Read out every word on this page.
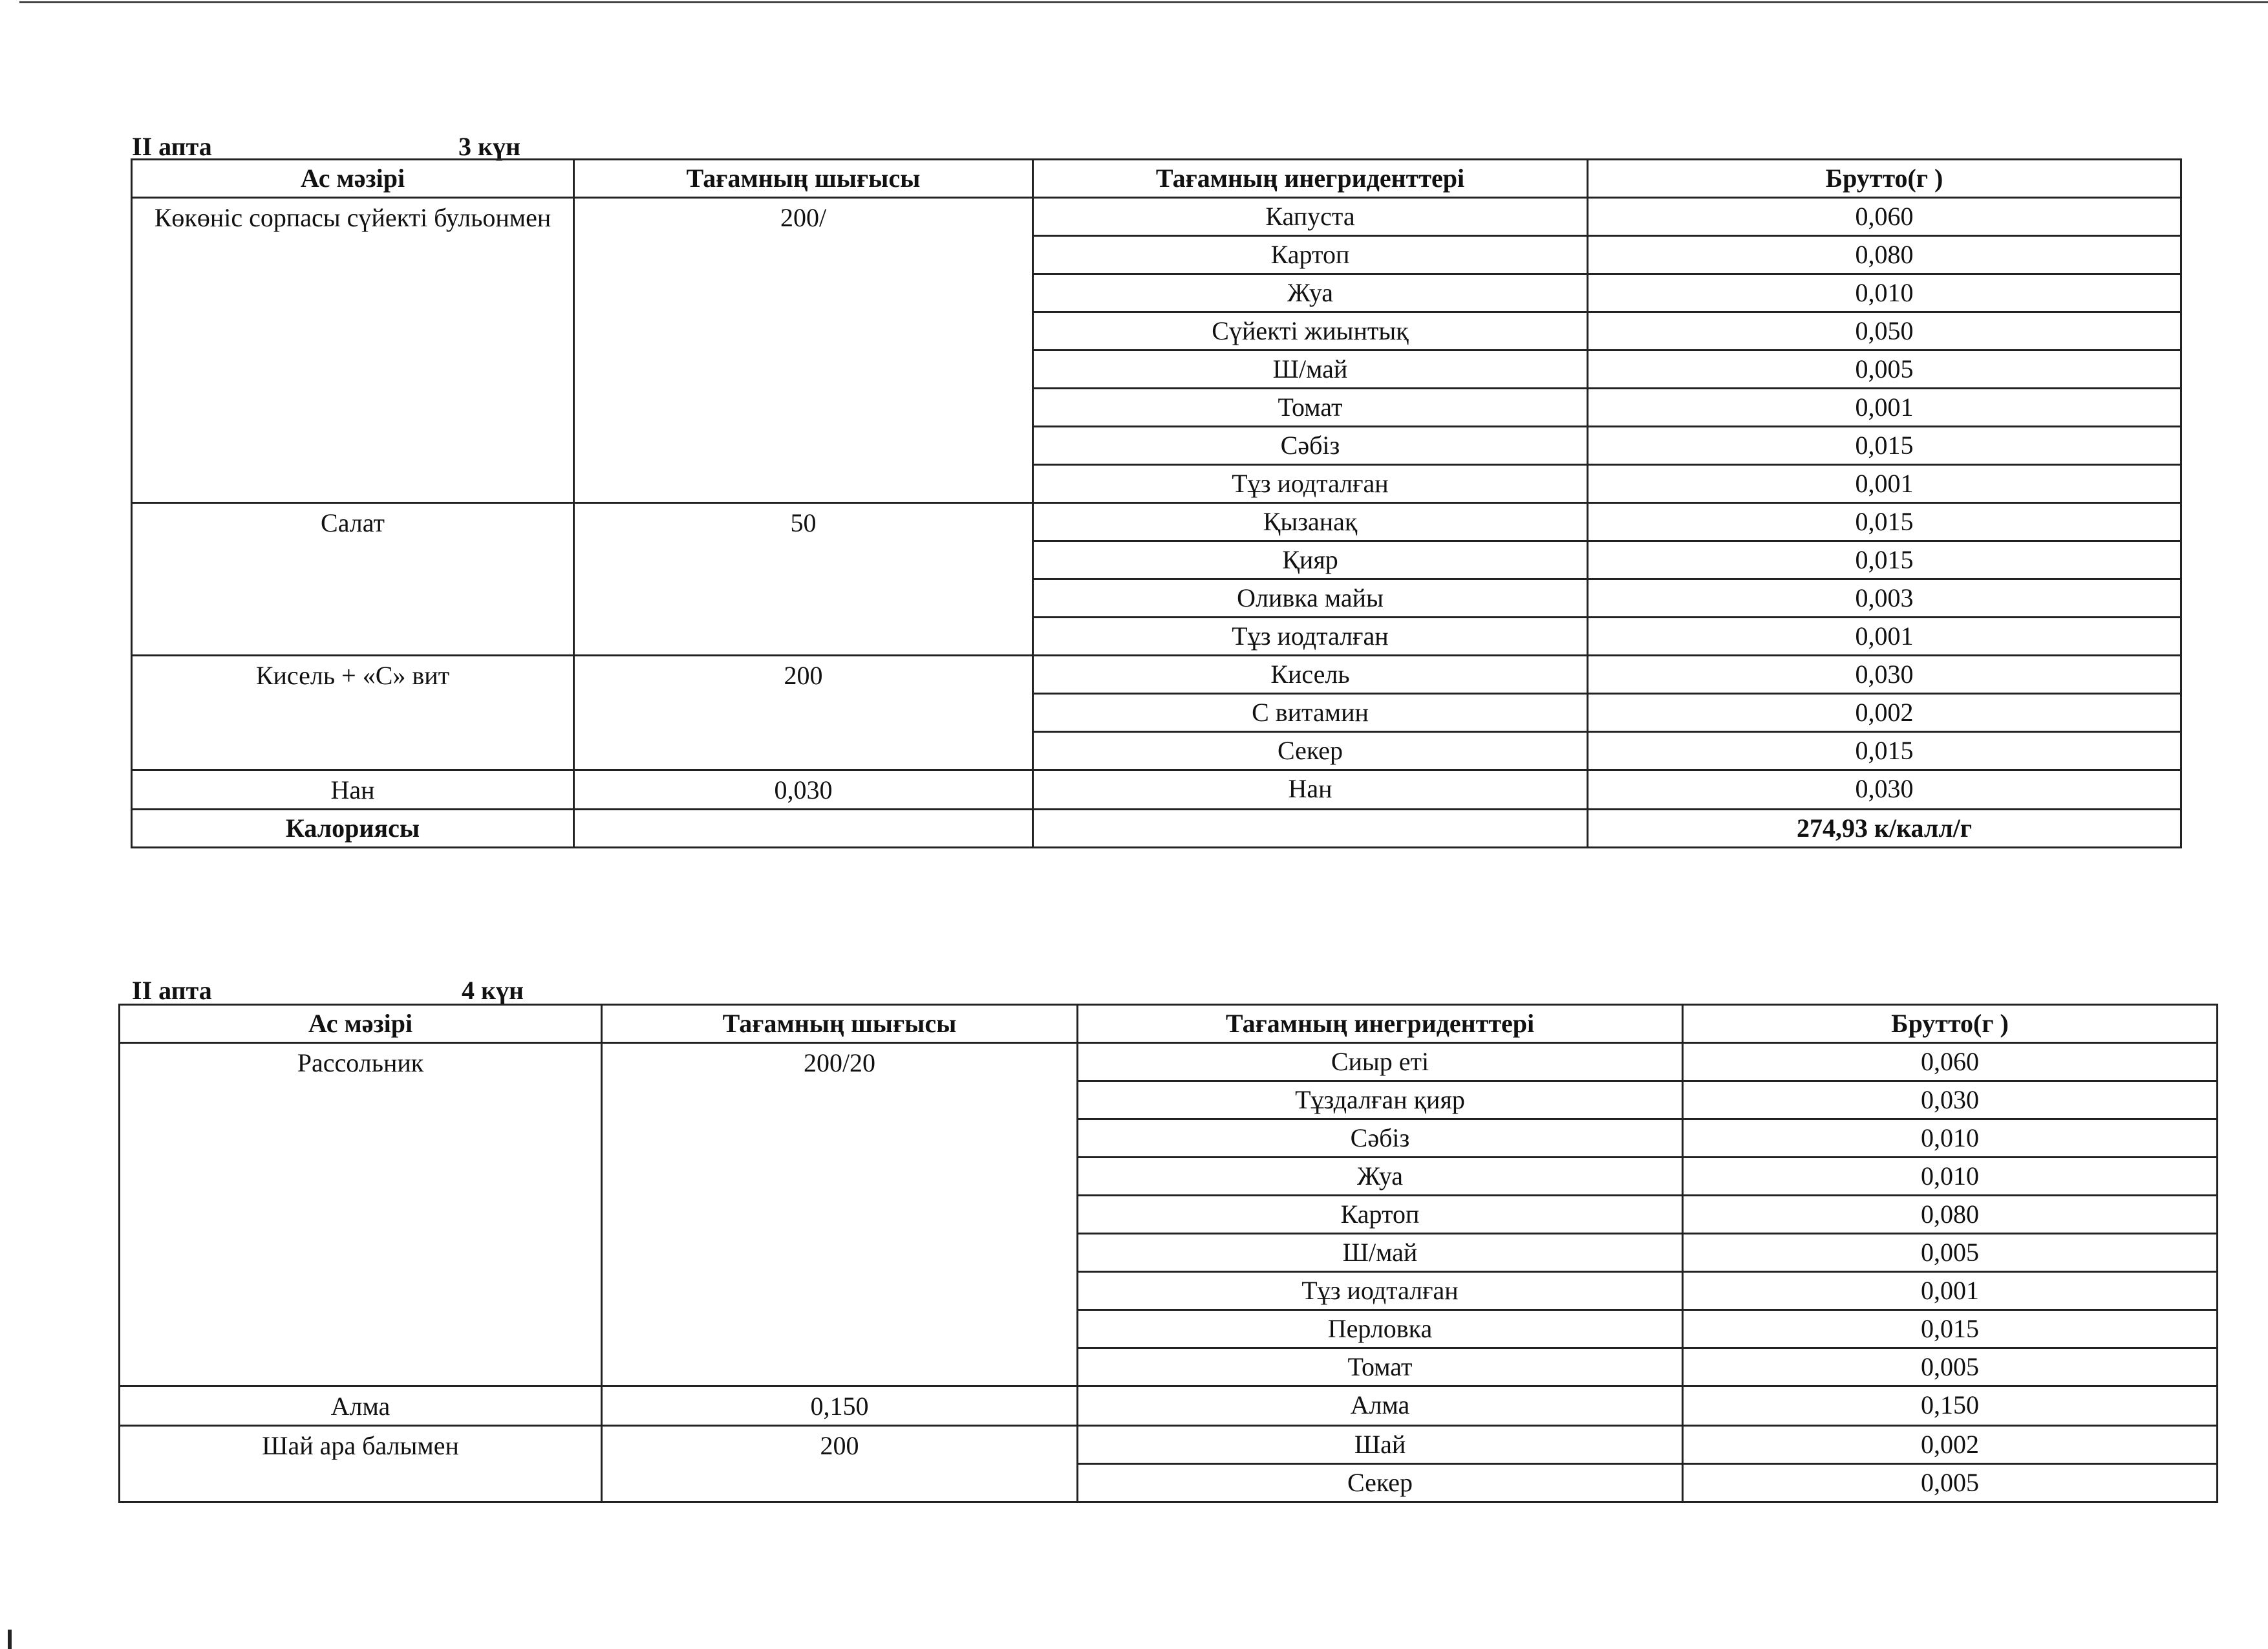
II апта	3 күн
Ас мәзірі	Тағамның шығысы	Тағамның инегриденттері	Брутто(г )
Көкөніс сорпасы сүйекті бульонмен	200/	Капуста	0,060
		Картоп	0,080
		Жуа	0,010
		Сүйекті жиынтық	0,050
		Ш/май	0,005
		Томат	0,001
		Сәбіз	0,015
		Тұз иодталған	0,001
Салат	50	Қызанақ	0,015
		Қияр	0,015
		Оливка майы	0,003
		Тұз иодталған	0,001
Кисель + «С» вит	200	Кисель	0,030
		С витамин	0,002
		Секер	0,015
Нан	0,030	Нан	0,030
Калориясы			274,93 к/калл/г
II апта	4 күн
Ас мәзірі	Тағамның шығысы	Тағамның инегриденттері	Брутто(г )
Рассольник	200/20	Сиыр еті	0,060
		Тұздалған қияр	0,030
		Сәбіз	0,010
		Жуа	0,010
		Картоп	0,080
		Ш/май	0,005
		Тұз иодталған	0,001
		Перловка	0,015
		Томат	0,005
Алма	0,150	Алма	0,150
Шай ара балымен	200	Шай	0,002
		Секер	0,005
